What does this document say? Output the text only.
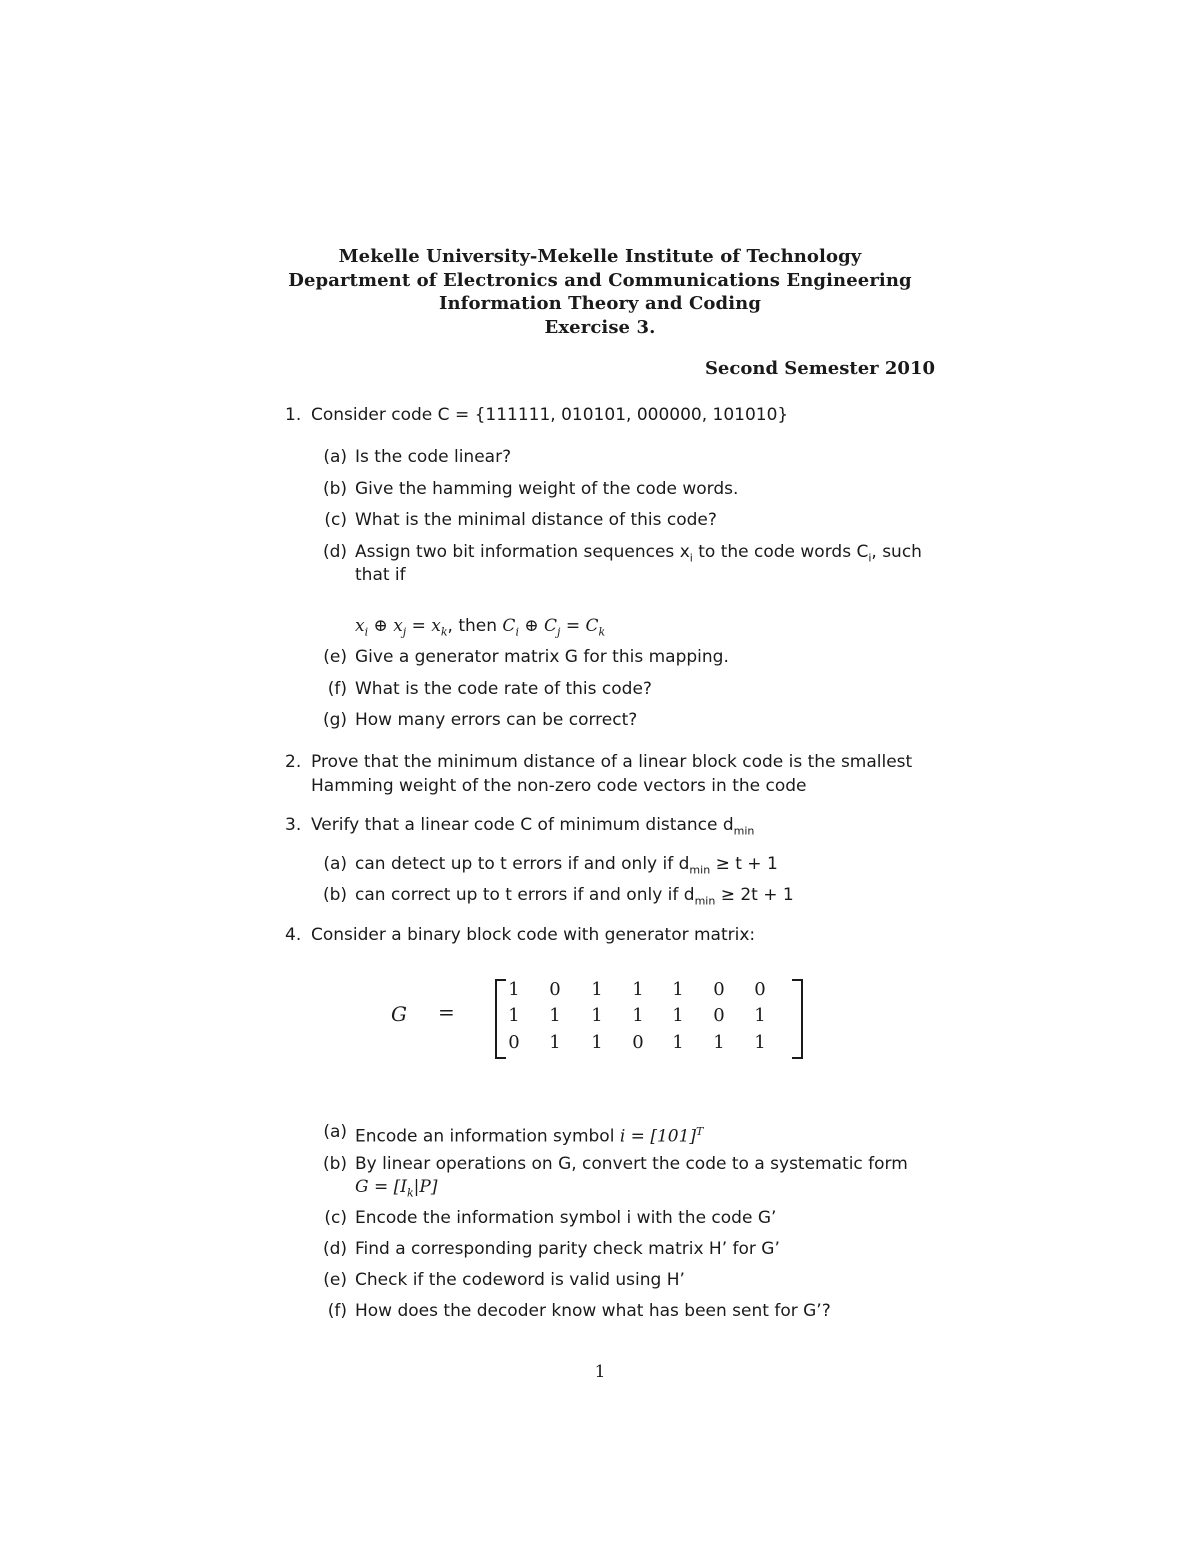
Mekelle University-Mekelle Institute of Technology
Department of Electronics and Communications Engineering
Information Theory and Coding
Exercise 3.
Second Semester 2010
1. Consider code C = {111111, 010101, 000000, 101010}
(a) Is the code linear?
(b) Give the hamming weight of the code words.
(c) What is the minimal distance of this code?
(d) Assign two bit information sequences $x_i$ to the code words $C_i$, such
that if
$x_i$ ⊕ $x_j = x_k$, then $C_i$ ⊕ $C_j = C_k$
(e) Give a generator matrix G for this mapping.
(f) What is the code rate of this code?
(g) How many errors can be correct?
2. Prove that the minimum distance of a linear block code is the smallest
Hamming weight of the non-zero code vectors in the code
3. Verify that a linear code C of minimum distance $d_{min}$
(a) can detect up to t errors if and only if $d_{min} \ge t + 1$
(b) can correct up to t errors if and only if $d_{min} \ge 2t + 1$
4. Consider a binary block code with generator matrix:
G =
1	0	1	1	1	0	0
1	1	1	1	1	0	1
0	1	1	0	1	1	1
(a) Encode an information symbol $i = [101]^T$
(b) By linear operations on G, convert the code to a systematic form
$G = [I_k|P]$
(c) Encode the information symbol i with the code G’
(d) Find a corresponding parity check matrix H’ for G’
(e) Check if the codeword is valid using H’
(f) How does the decoder know what has been sent for G’?
1
